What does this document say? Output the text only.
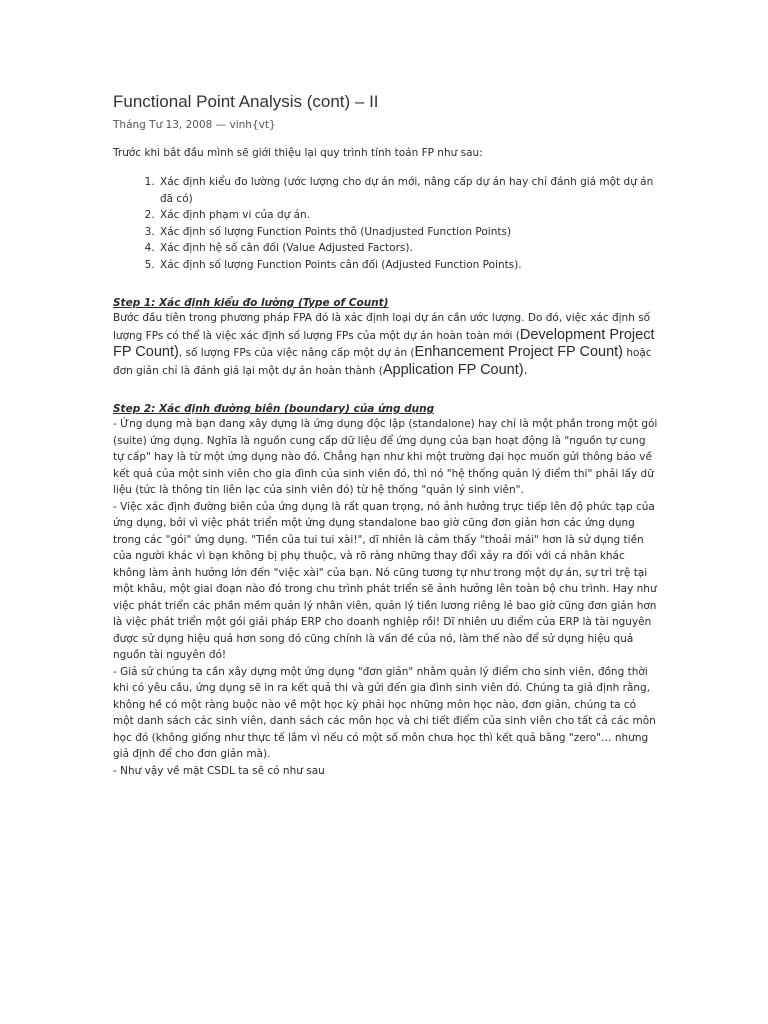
Functional Point Analysis (cont) – II
Tháng Tư 13, 2008 — vinh{vt}
Trước khi bắt đầu mình sẽ giới thiệu lại quy trình tính toán FP như sau:
1. Xác định kiểu đo lường (ước lượng cho dự án mới, nâng cấp dự án hay chỉ đánh giá một dự án đã có)
2. Xác định phạm vi của dự án.
3. Xác định số lượng Function Points thô (Unadjusted Function Points)
4. Xác định hệ số cân đối (Value Adjusted Factors).
5. Xác định số lượng Function Points cân đối (Adjusted Function Points).
Step 1: Xác định kiểu đo lường (Type of Count)

Bước đầu tiên trong phương pháp FPA đó là xác định loại dự án cần ước lượng. Do đó, việc xác định số lượng FPs có thể là việc xác định số lượng FPs của một dự án hoàn toàn mới (Development Project FP Count), số lượng FPs của việc nâng cấp một dự án (Enhancement Project FP Count) hoặc đơn giản chỉ là đánh giá lại một dự án hoàn thành (Application FP Count).

Step 2: Xác định đường biên (boundary) của ứng dụng

- Ứng dụng mà bạn đang xây dựng là ứng dụng độc lập (standalone) hay chỉ là một phần trong một gói (suite) ứng dụng. Nghĩa là nguồn cung cấp dữ liệu để ứng dụng của bạn hoạt động là "nguồn tự cung tự cấp" hay là từ một ứng dụng nào đó. Chẳng hạn như khi một trường đại học muốn gửi thông báo về kết quả của một sinh viên cho gia đình của sinh viên đó, thì nó "hệ thống quản lý điểm thi" phải lấy dữ liệu (tức là thông tin liên lạc của sinh viên đó) từ hệ thống "quản lý sinh viên".

- Việc xác định đường biên của ứng dụng là rất quan trọng, nó ảnh hưởng trực tiếp lên độ phức tạp của ứng dụng, bởi vì việc phát triển một ứng dụng standalone bao giờ cũng đơn giản hơn các ứng dụng trong các "gói" ứng dụng. "Tiền của tui tui xài!", dĩ nhiên là cảm thấy "thoải mái" hơn là sử dụng tiền của người khác vì bạn không bị phụ thuộc, và rõ ràng những thay đổi xảy ra đối với cá nhân khác không làm ảnh hưởng lớn đến "việc xài" của bạn. Nó cũng tương tự như trong một dự án, sự trì trệ tại một khâu, một giai đoạn nào đó trong chu trình phát triển sẽ ảnh hưởng lên toàn bộ chu trình. Hay như việc phát triển các phần mềm quản lý nhân viên, quản lý tiền lương riêng lẻ bao giờ cũng đơn giản hơn là việc phát triển một gói giải pháp ERP cho doanh nghiệp rồi! Dĩ nhiên ưu điểm của ERP là tài nguyên được sử dụng hiệu quả hơn song đó cũng chính là vấn đề của nó, làm thế nào để sử dụng hiệu quả nguồn tài nguyên đó!

- Giả sử chúng ta cần xây dựng một ứng dụng "đơn giản" nhằm quản lý điểm cho sinh viên, đồng thời khi có yêu cầu, ứng dụng sẽ in ra kết quả thi và gửi đến gia đình sinh viên đó. Chúng ta giả định rằng, không hề có một ràng buộc nào về một học kỳ phải học những môn học nào, đơn giản, chúng ta có một danh sách các sinh viên, danh sách các môn học và chi tiết điểm của sinh viên cho tất cả các môn học đó (không giống như thực tế lắm vì nếu có một số môn chưa học thì kết quả bằng "zero"… nhưng giả định để cho đơn giản mà).

- Như vậy về mặt CSDL ta sẽ có như sau
